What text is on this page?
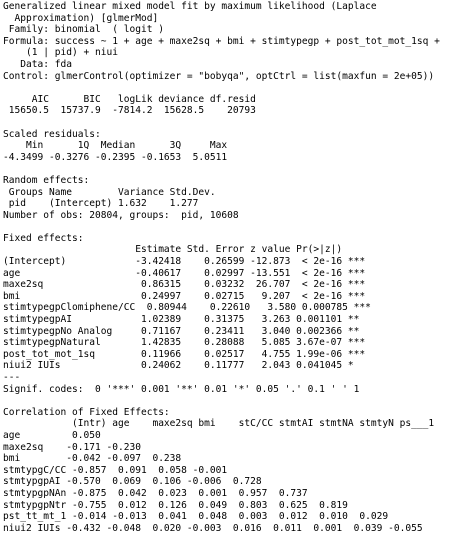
Generalized linear mixed model fit by maximum likelihood (Laplace
Approximation) [glmerMod]
Family: binomial  ( logit )
Formula: success ~ 1 + age + maxe2sq + bmi + stimtypegp + post_tot_mot_1sq +
(1 | pid) + niui
Data: fda
Control: glmerControl(optimizer = "bobyqa", optCtrl = list(maxfun = 2e+05))
AIC      BIC   logLik deviance df.resid
15650.5  15737.9  -7814.2  15628.5    20793
Scaled residuals:
Min      1Q  Median      3Q     Max
-4.3499 -0.3276 -0.2395 -0.1653  5.0511
Random effects:
Groups Name        Variance Std.Dev.
pid    (Intercept) 1.632    1.277
Number of obs: 20804, groups:  pid, 10608
Fixed effects:
Estimate Std. Error z value Pr(>|z|)
(Intercept)            -3.42418    0.26599 -12.873  < 2e-16 ***
age                    -0.40617    0.02997 -13.551  < 2e-16 ***
maxe2sq                 0.86315    0.03232  26.707  < 2e-16 ***
bmi                     0.24997    0.02715   9.207  < 2e-16 ***
stimtypegpClomiphene/CC  0.80944    0.22610   3.580 0.000785 ***
stimtypegpAI            1.02389    0.31375   3.263 0.001101 **
stimtypegpNo Analog     0.71167    0.23411   3.040 0.002366 **
stimtypegpNatural       1.42835    0.28088   5.085 3.67e-07 ***
post_tot_mot_1sq        0.11966    0.02517   4.755 1.99e-06 ***
niui2 IUIs              0.24062    0.11777   2.043 0.041045 *
---
Signif. codes:  0 '***' 0.001 '**' 0.01 '*' 0.05 '.' 0.1 ' ' 1
Correlation of Fixed Effects:
(Intr) age    maxe2sq bmi    stC/CC stmtAI stmtNA stmtyN ps___1
age         0.050
maxe2sq    -0.171 -0.230
bmi        -0.042 -0.097  0.238
stmtypgC/CC -0.857  0.091  0.058 -0.001
stmtypgpAI -0.570  0.069  0.106 -0.006  0.728
stmtypgpNAn -0.875  0.042  0.023  0.001  0.957  0.737
stmtypgpNtr -0.755  0.012  0.126  0.049  0.803  0.625  0.819
pst_tt_mt_1 -0.014 -0.013  0.041  0.048  0.003  0.012  0.010  0.029
niui2 IUIs -0.432 -0.048  0.020 -0.003  0.016  0.011  0.001  0.039 -0.055
